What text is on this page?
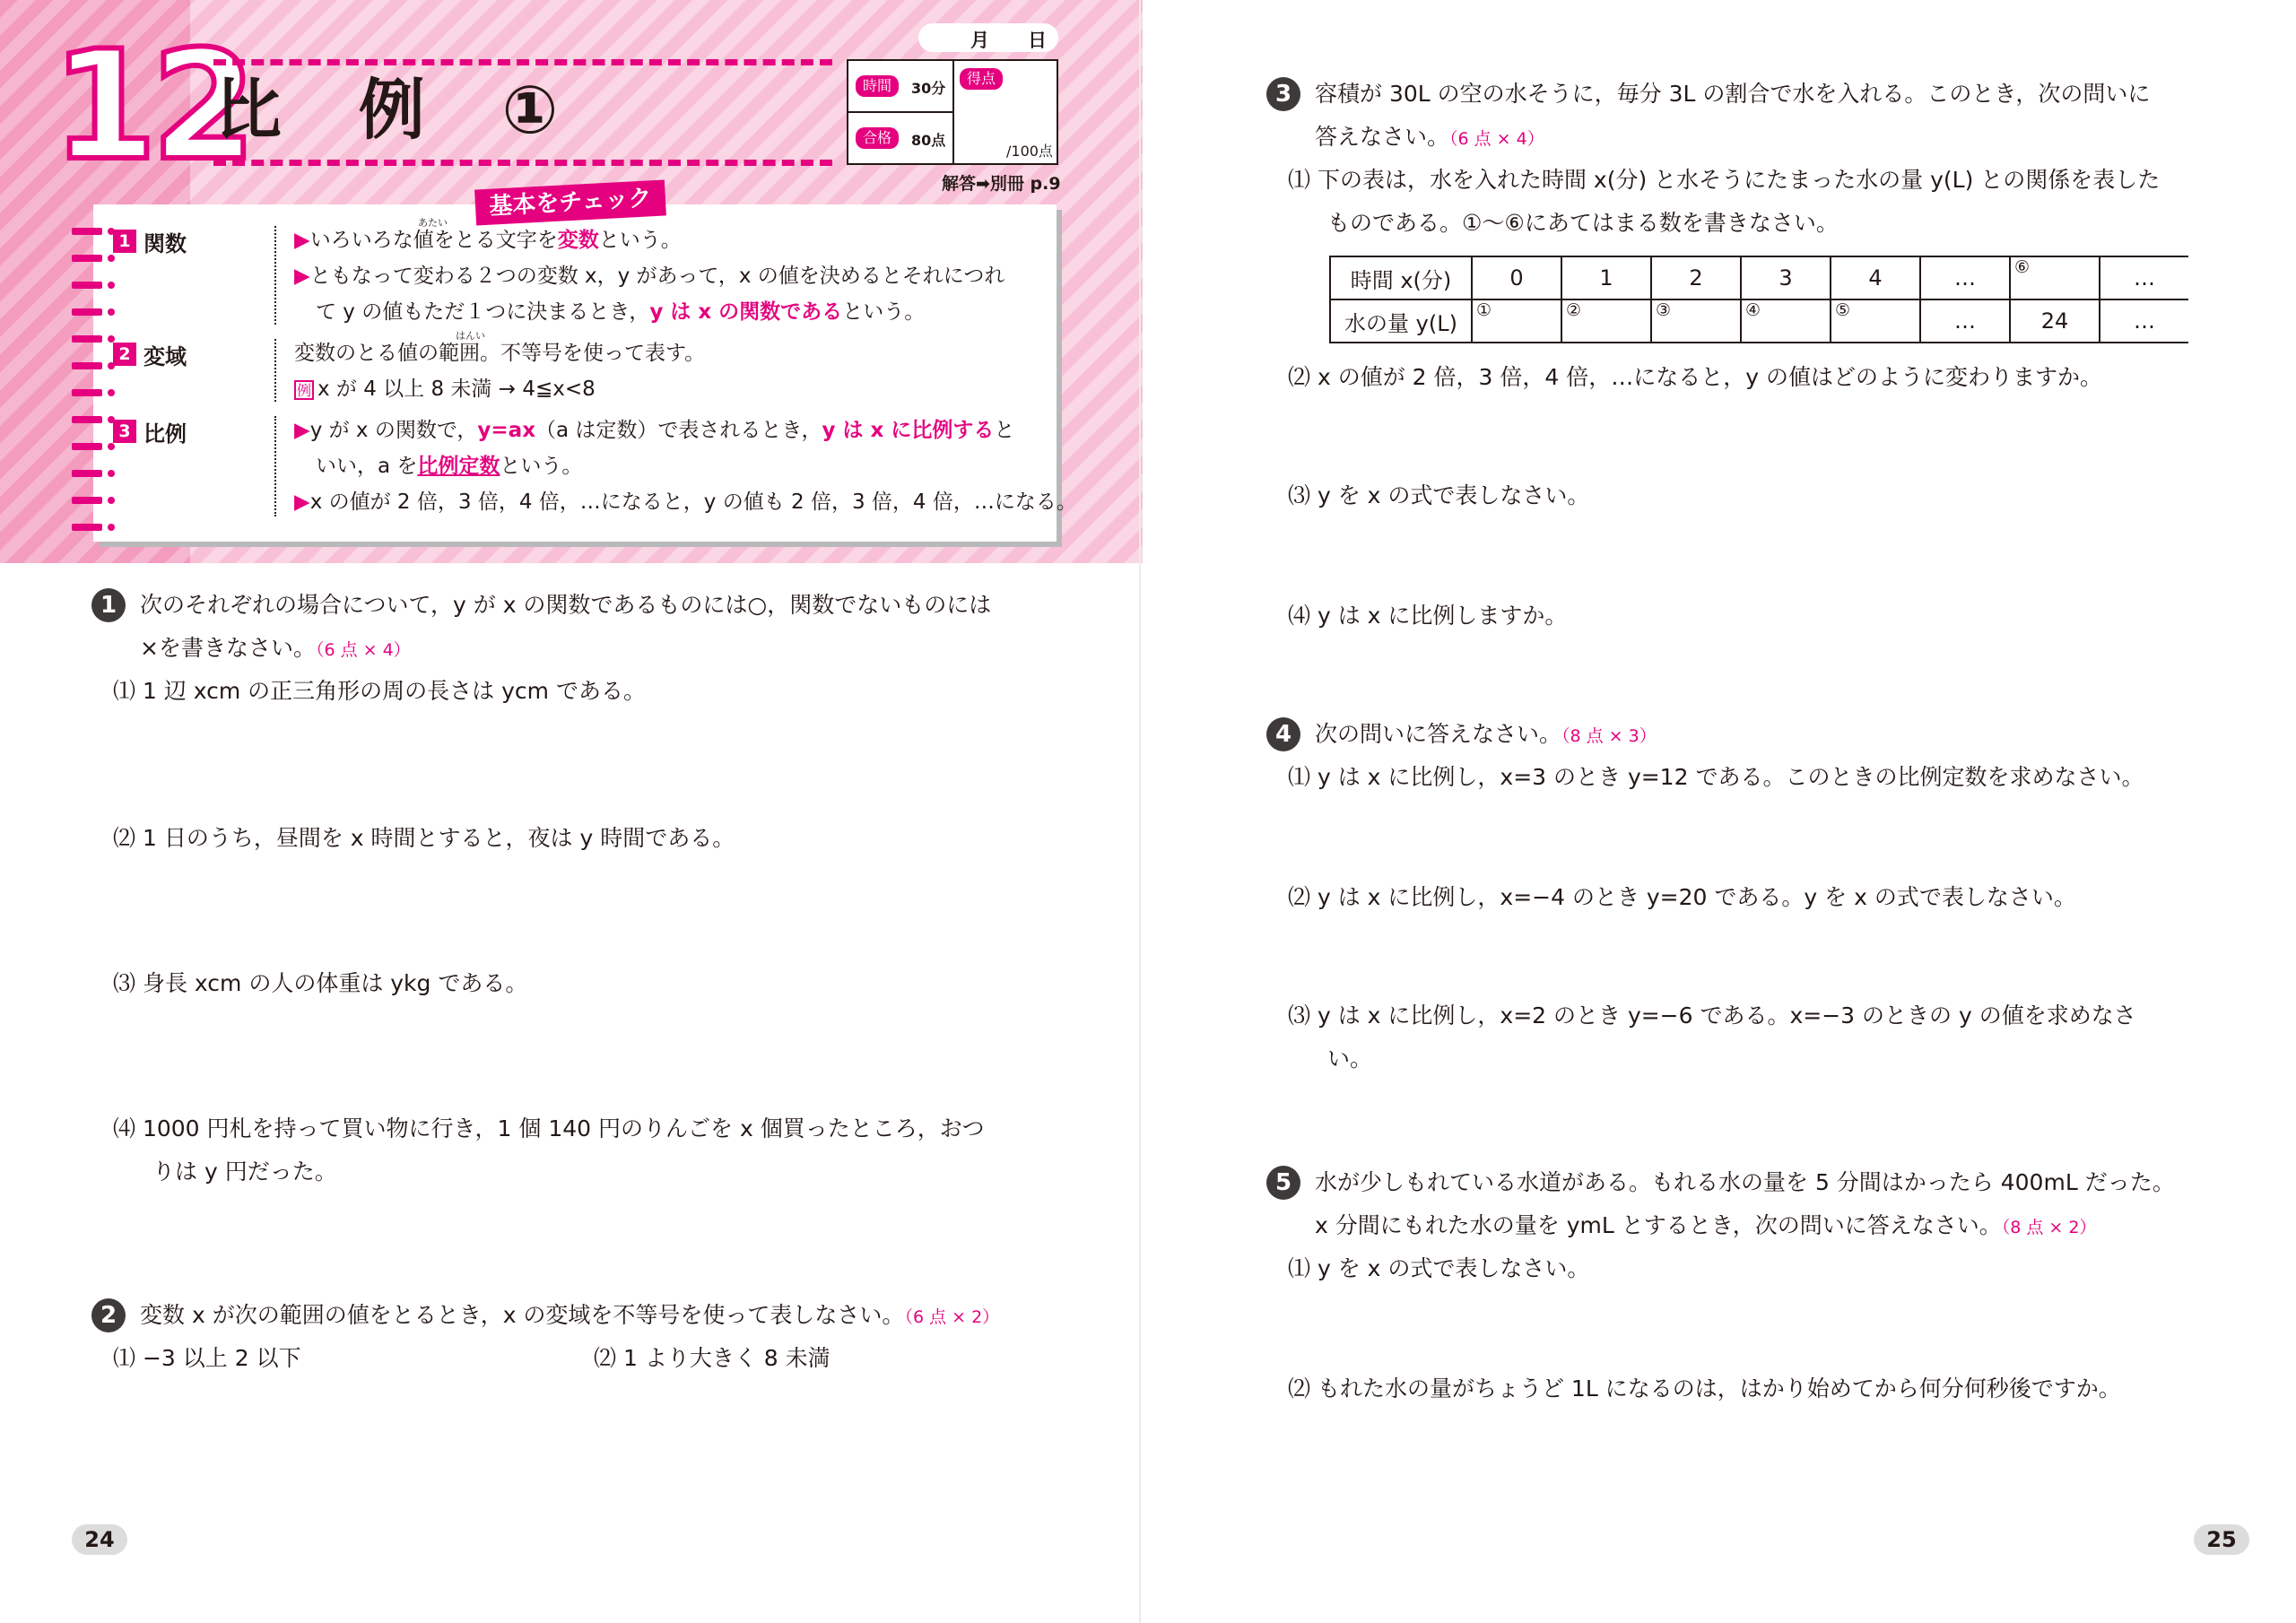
12
比 例 ①
月 日
時間	30分
合格	80点
得点
/100点
解答➡別冊 p.9
基本をチェック
1 関数
あたい
▶いろいろな値をとる文字を変数という。
▶ともなって変わる２つの変数 x，y があって，x の値を決めるとそれにつれ
て y の値もただ１つに決まるとき，y は x の関数であるという。
2 変域
はんい
変数のとる値の範囲。不等号を使って表す。
例 x が 4 以上 8 未満 → 4≦x<8
3 比例	▶y が x の関数で，y=ax（a は定数）で表されるとき，y は x に比例すると
いい，a を比例定数という。
▶x の値が 2 倍，3 倍，4 倍，…になると，y の値も 2 倍，3 倍，4 倍，…になる。
1	次のそれぞれの場合について，y が x の関数であるものには○，関数でないものには
×を書きなさい。（6 点 × 4）
⑴ 1 辺 xcm の正三角形の周の長さは ycm である。
⑵ 1 日のうち，昼間を x 時間とすると，夜は y 時間である。
⑶ 身長 xcm の人の体重は ykg である。
⑷ 1000 円札を持って買い物に行き，1 個 140 円のりんごを x 個買ったところ，おつ
りは y 円だった。
2	変数 x が次の範囲の値をとるとき，x の変域を不等号を使って表しなさい。（6 点 × 2）
⑴ −3 以上 2 以下	⑵ 1 より大きく 8 未満
24
3	容積が 30L の空の水そうに，毎分 3L の割合で水を入れる。このとき，次の問いに
答えなさい。（6 点 × 4）
⑴ 下の表は，水を入れた時間 x(分) と水そうにたまった水の量 y(L) との関係を表した
ものである。①〜⑥にあてはまる数を書きなさい。
時間 x(分)	0	1	2	3	4	…	⑥	…
水の量 y(L)	①	②	③	④	⑤	…	24	…
⑵ x の値が 2 倍，3 倍，4 倍，…になると，y の値はどのように変わりますか。
⑶ y を x の式で表しなさい。
⑷ y は x に比例しますか。
4	次の問いに答えなさい。（8 点 × 3）
⑴ y は x に比例し，x=3 のとき y=12 である。このときの比例定数を求めなさい。
⑵ y は x に比例し，x=−4 のとき y=20 である。y を x の式で表しなさい。
⑶ y は x に比例し，x=2 のとき y=−6 である。x=−3 のときの y の値を求めなさ
い。
5	水が少しもれている水道がある。もれる水の量を 5 分間はかったら 400mL だった。
x 分間にもれた水の量を ymL とするとき，次の問いに答えなさい。（8 点 × 2）
⑴ y を x の式で表しなさい。
⑵ もれた水の量がちょうど 1L になるのは，はかり始めてから何分何秒後ですか。
25
